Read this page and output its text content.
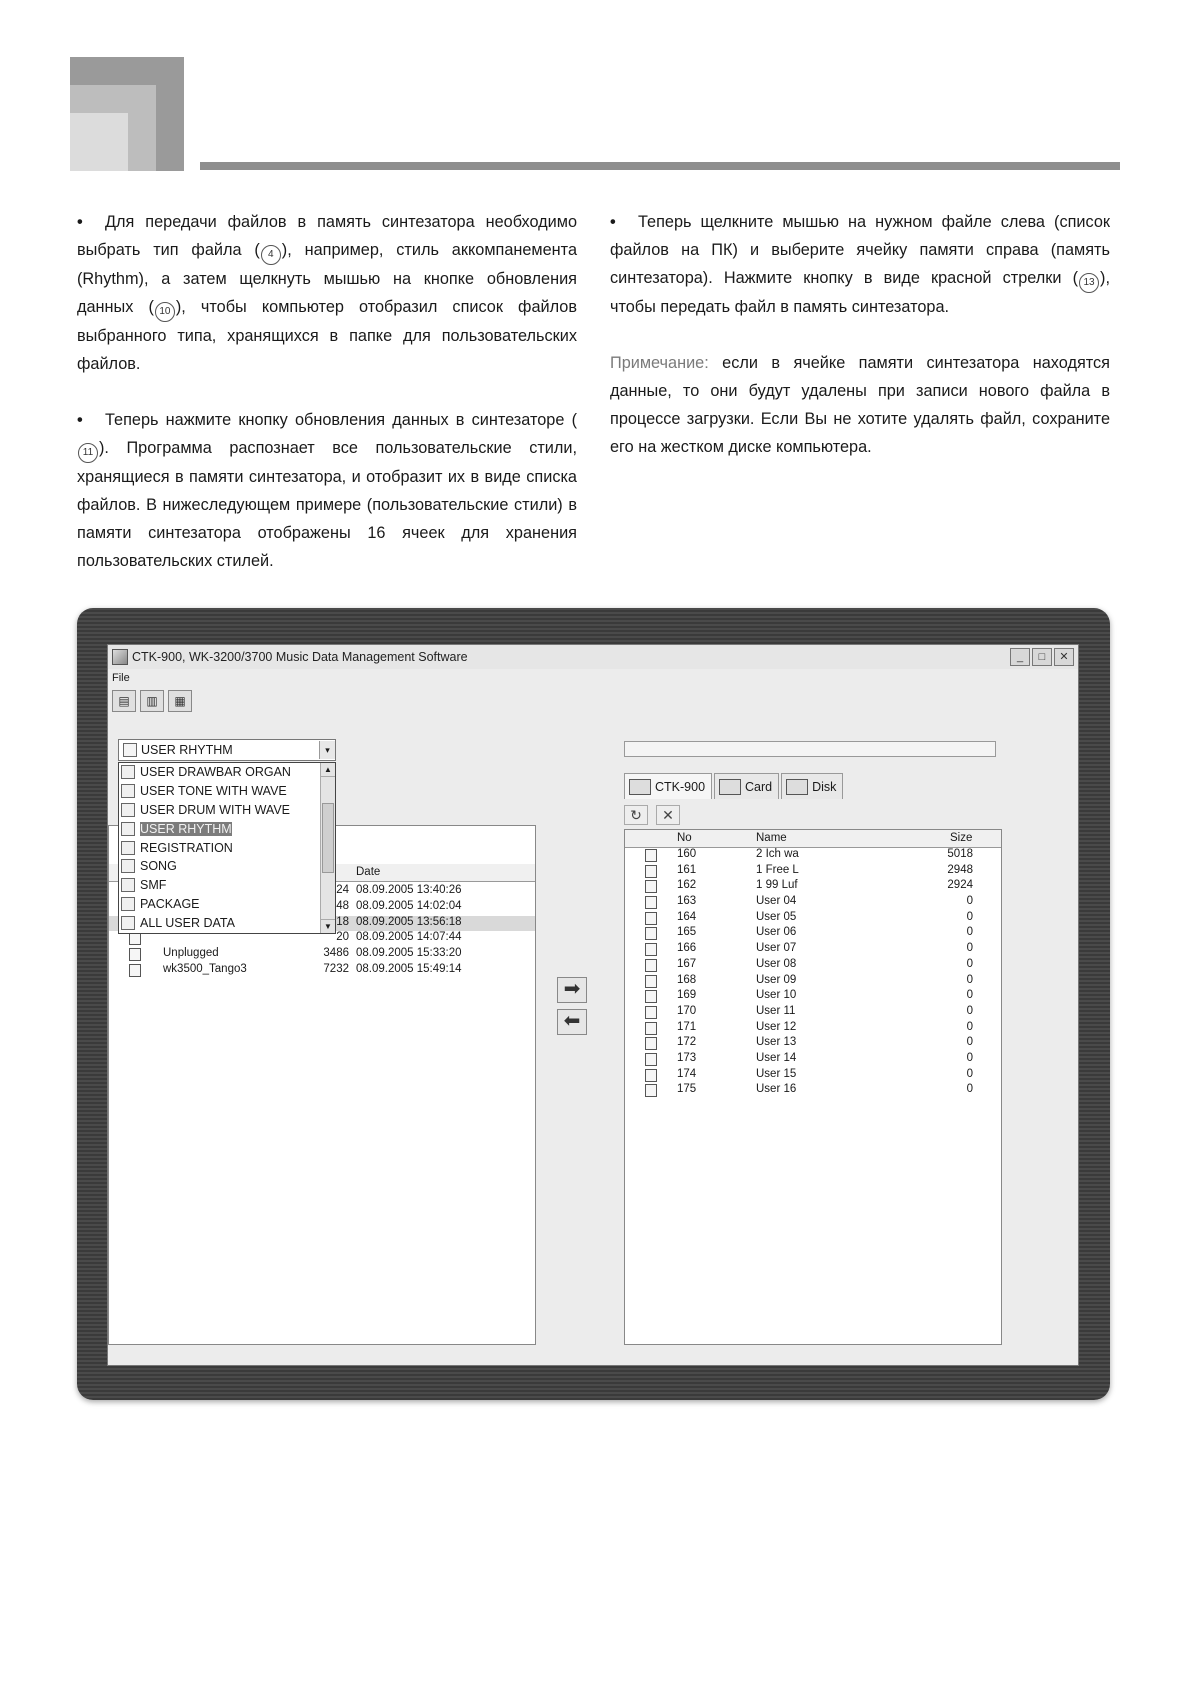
• Для передачи файлов в память синтезатора необходимо выбрать тип файла ( 4 ), например, стиль аккомпанемента (Rhythm), а затем щелкнуть мышью на кнопке обновления данных ( 10 ), чтобы компьютер отобразил список файлов выбранного типа, хранящихся в папке для пользовательских файлов.

• Теперь нажмите кнопку обновления данных в синтезаторе (11 ). Программа распознает все пользовательские стили, хранящиеся в памяти синтезатора, и отобразит их в виде списка файлов. В нижеследующем примере (пользовательские стили) в памяти синтезатора отображены 16 ячеек для хранения пользовательских стилей.

• Теперь щелкните мышью на нужном файле слева (список файлов на ПК) и выберите ячейку памяти справа (память синтезатора). Нажмите кнопку в виде красной стрелки ( 13 ), чтобы передать файл в память синтезатора.

Примечание: если в ячейке памяти синтезатора находятся данные, то они будут удалены при записи нового файла в процессе загрузки. Если Вы не хотите удалять файл, сохраните его на жестком диске компьютера.

CTK-900, WK-3200/3700 Music Data Management Software	_	□	✕
File
▤	▥	▦
USER RHYTHM	▾
USER DRAWBAR ORGAN
USER TONE WITH WAVE
USER DRUM WITH WAVE
USER RHYTHM
REGISTRATION
SONG
SMF
PACKAGE
ALL USER DATA
▲
▼
Date
24 08.09.2005 13:40:26
48 08.09.2005 14:02:04
18 08.09.2005 13:56:18
20 08.09.2005 14:07:44
Unplugged	3486 08.09.2005 15:33:20
wk3500_Tango3	7232 08.09.2005 15:49:14
➡
⬅
CTK-900	Card	Disk
↻	✕
No	Name	Size
160	2 Ich wa	5018
161	1 Free L	2948
162	1 99 Luf	2924
163	User 04	0
164	User 05	0
165	User 06	0
166	User 07	0
167	User 08	0
168	User 09	0
169	User 10	0
170	User 11	0
171	User 12	0
172	User 13	0
173	User 14	0
174	User 15	0
175	User 16	0
